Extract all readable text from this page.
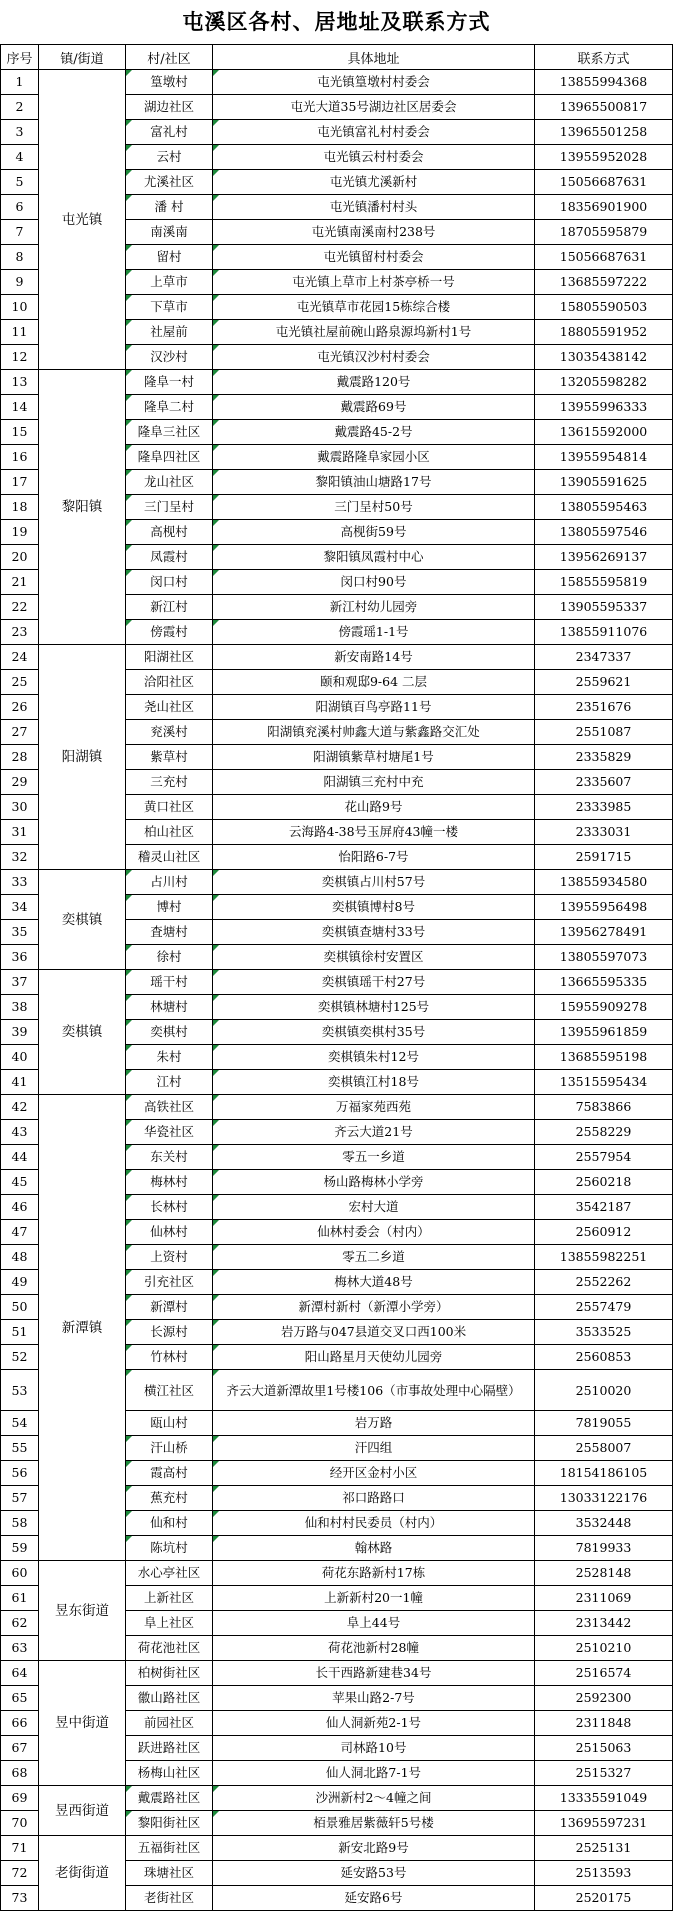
屯溪区各村、居地址及联系方式
序号	镇/街道	村/社区	具体地址	联系方式
1	屯光镇	篁墩村	屯光镇篁墩村村委会	13855994368
2		湖边社区	屯光大道35号湖边社区居委会	13965500817
3		富礼村	屯光镇富礼村村委会	13965501258
4		云村	屯光镇云村村委会	13955952028
5		尤溪社区	屯光镇尤溪新村	15056687631
6		潘 村	屯光镇潘村村头	18356901900
7		南溪南	屯光镇南溪南村238号	18705595879
8		留村	屯光镇留村村委会	15056687631
9		上草市	屯光镇上草市上村茶亭桥一号	13685597222
10		下草市	屯光镇草市花园15栋综合楼	15805590503
11		社屋前	屯光镇社屋前碗山路泉源坞新村1号	18805591952
12		汉沙村	屯光镇汉沙村村委会	13035438142
13	黎阳镇	隆阜一村	戴震路120号	13205598282
14		隆阜二村	戴震路69号	13955996333
15		隆阜三社区	戴震路45-2号	13615592000
16		隆阜四社区	戴震路隆阜家园小区	13955954814
17		龙山社区	黎阳镇油山塘路17号	13905591625
18		三门呈村	三门呈村50号	13805595463
19		高枧村	高枧街59号	13805597546
20		凤霞村	黎阳镇凤霞村中心	13956269137
21		闵口村	闵口村90号	15855595819
22		新江村	新江村幼儿园旁	13905595337
23		傍霞村	傍霞瑶1-1号	13855911076
24	阳湖镇	阳湖社区	新安南路14号	2347337
25		洽阳社区	颐和观邸9-64 二层	2559621
26		尧山社区	阳湖镇百鸟亭路11号	2351676
27		兖溪村	阳湖镇兖溪村帅鑫大道与紫鑫路交汇处	2551087
28		紫草村	阳湖镇紫草村塘尾1号	2335829
29		三充村	阳湖镇三充村中充	2335607
30		黄口社区	花山路9号	2333985
31		柏山社区	云海路4-38号玉屏府43幢一楼	2333031
32		稽灵山社区	怡阳路6-7号	2591715
33	奕棋镇	占川村	奕棋镇占川村57号	13855934580
34		博村	奕棋镇博村8号	13955956498
35		査塘村	奕棋镇查塘村33号	13956278491
36		徐村	奕棋镇徐村安置区	13805597073
37	奕棋镇	瑶干村	奕棋镇瑶干村27号	13665595335
38		林塘村	奕棋镇林塘村125号	15955909278
39		奕棋村	奕棋镇奕棋村35号	13955961859
40		朱村	奕棋镇朱村12号	13685595198
41		江村	奕棋镇江村18号	13515595434
42	新潭镇	高铁社区	万福家苑西苑	7583866
43		华瓷社区	齐云大道21号	2558229
44		东关村	零五一乡道	2557954
45		梅林村	杨山路梅林小学旁	2560218
46		长林村	宏村大道	3542187
47		仙林村	仙林村委会（村内）	2560912
48		上资村	零五二乡道	13855982251
49		引充社区	梅林大道48号	2552262
50		新潭村	新潭村新村（新潭小学旁）	2557479
51		长源村	岩万路与047县道交叉口西100米	3533525
52		竹林村	阳山路星月天使幼儿园旁	2560853
53		横江社区	齐云大道新潭故里1号楼106（市事故处理中心隔壁）	2510020
54		瓯山村	岩万路	7819055
55		汗山桥	汗四组	2558007
56		霞高村	经开区金村小区	18154186105
57		蕉充村	祁口路路口	13033122176
58		仙和村	仙和村村民委员（村内）	3532448
59		陈坑村	翰林路	7819933
60	昱东街道	水心亭社区	荷花东路新村17栋	2528148
61		上新社区	上新新村20一1幢	2311069
62		阜上社区	阜上44号	2313442
63		荷花池社区	荷花池新村28幢	2510210
64	昱中街道	柏树街社区	长干西路新建巷34号	2516574
65		徽山路社区	苹果山路2-7号	2592300
66		前园社区	仙人洞新苑2-1号	2311848
67		跃进路社区	司林路10号	2515063
68		杨梅山社区	仙人洞北路7-1号	2515327
69	昱西街道	戴震路社区	沙洲新村2～4幢之间	13335591049
70		黎阳街社区	栢景雅居紫薇轩5号楼	13695597231
71	老街街道	五福街社区	新安北路9号	2525131
72		珠塘社区	延安路53号	2513593
73		老街社区	延安路6号	2520175
